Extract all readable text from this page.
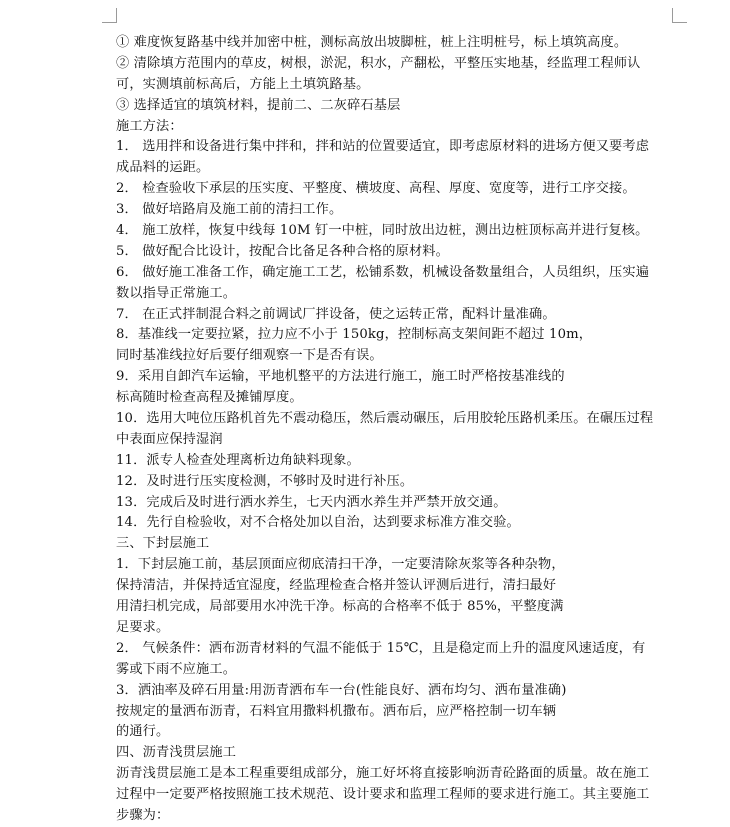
① 难度恢复路基中线并加密中桩，测标高放出坡脚桩，桩上注明桩号，标上填筑高度。
② 清除填方范围内的草皮，树根，淤泥，积水，产翻松，平整压实地基，经监理工程师认
可，实测填前标高后，方能上土填筑路基。
③ 选择适宜的填筑材料，提前二、二灰碎石基层
施工方法：
1． 选用拌和设备进行集中拌和，拌和站的位置要适宜，即考虑原材料的进场方便又要考虑
成品料的运距。
2． 检查验收下承层的压实度、平整度、横坡度、高程、厚度、宽度等，进行工序交接。
3． 做好培路肩及施工前的清扫工作。
4． 施工放样，恢复中线每 10M 钉一中桩，同时放出边桩，测出边桩顶标高并进行复核。
5． 做好配合比设计，按配合比备足各种合格的原材料。
6． 做好施工准备工作，确定施工工艺，松铺系数，机械设备数量组合，人员组织，压实遍
数以指导正常施工。
7． 在正式拌制混合料之前调试厂拌设备，使之运转正常，配料计量准确。
8．基准线一定要拉紧，拉力应不小于 150kg，控制标高支架间距不超过 10m，
同时基准线拉好后要仔细观察一下是否有误。
9．采用自卸汽车运输，平地机整平的方法进行施工，施工时严格按基准线的
标高随时检查高程及摊铺厚度。
10．选用大吨位压路机首先不震动稳压，然后震动碾压，后用胶轮压路机柔压。在碾压过程
中表面应保持湿润
11．派专人检查处理离析边角缺料现象。
12．及时进行压实度检测，不够时及时进行补压。
13．完成后及时进行洒水养生，七天内洒水养生并严禁开放交通。
14．先行自检验收，对不合格处加以自治，达到要求标准方准交验。
三、下封层施工
1．下封层施工前，基层顶面应彻底清扫干净，一定要清除灰浆等各种杂物，
保持清洁，并保持适宜湿度，经监理检查合格并签认评测后进行，清扫最好
用清扫机完成，局部要用水冲洗干净。标高的合格率不低于 85%，平整度满
足要求。
2． 气候条件：洒布沥青材料的气温不能低于 15℃，且是稳定而上升的温度风速适度，有
雾或下雨不应施工。
3．洒油率及碎石用量:用沥青洒布车一台(性能良好、洒布均匀、洒布量准确)
按规定的量洒布沥青，石料宜用撒料机撒布。洒布后，应严格控制一切车辆
的通行。
四、沥青浅贯层施工
沥青浅贯层施工是本工程重要组成部分，施工好坏将直接影响沥青砼路面的质量。故在施工
过程中一定要严格按照施工技术规范、设计要求和监理工程师的要求进行施工。其主要施工
步骤为：
